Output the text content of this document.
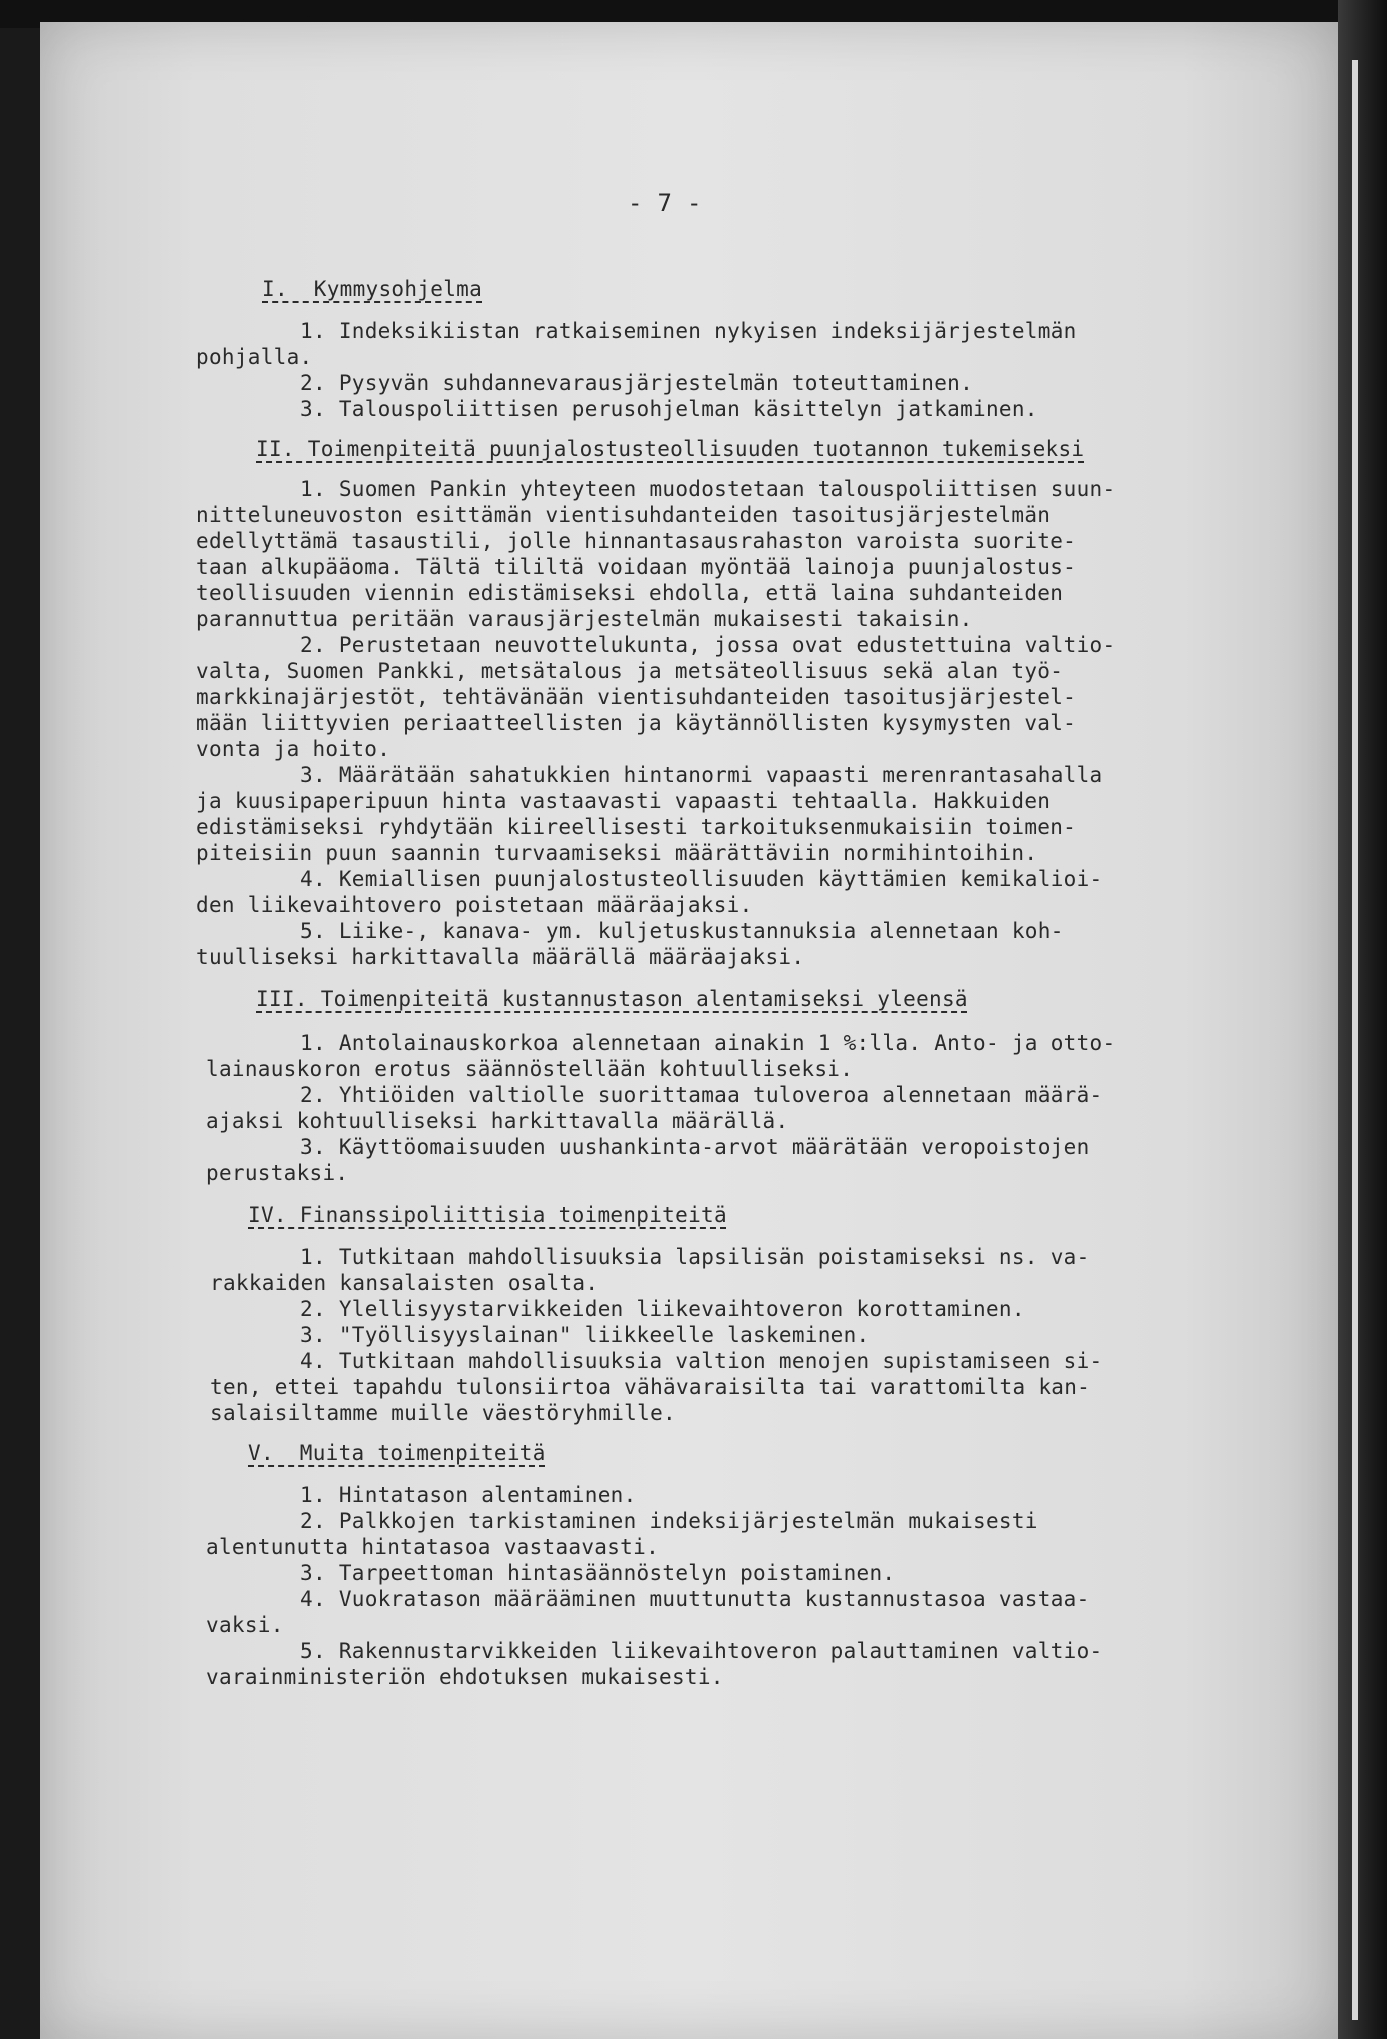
- 7 -

I.  Kymmysohjelma

1. Indeksikiistan ratkaiseminen nykyisen indeksijärjestelmän

pohjalla.

2. Pysyvän suhdannevarausjärjestelmän toteuttaminen.

3. Talouspoliittisen perusohjelman käsittelyn jatkaminen.

II. Toimenpiteitä puunjalostusteollisuuden tuotannon tukemiseksi

1. Suomen Pankin yhteyteen muodostetaan talouspoliittisen suun-

nitteluneuvoston esittämän vientisuhdanteiden tasoitusjärjestelmän

edellyttämä tasaustili, jolle hinnantasausrahaston varoista suorite-

taan alkupääoma. Tältä tililtä voidaan myöntää lainoja puunjalostus-

teollisuuden viennin edistämiseksi ehdolla, että laina suhdanteiden

parannuttua peritään varausjärjestelmän mukaisesti takaisin.

2. Perustetaan neuvottelukunta, jossa ovat edustettuina valtio-

valta, Suomen Pankki, metsätalous ja metsäteollisuus sekä alan työ-

markkinajärjestöt, tehtävänään vientisuhdanteiden tasoitusjärjestel-

mään liittyvien periaatteellisten ja käytännöllisten kysymysten val-

vonta ja hoito.

3. Määrätään sahatukkien hintanormi vapaasti merenrantasahalla

ja kuusipaperipuun hinta vastaavasti vapaasti tehtaalla. Hakkuiden

edistämiseksi ryhdytään kiireellisesti tarkoituksenmukaisiin toimen-

piteisiin puun saannin turvaamiseksi määrättäviin normihintoihin.

4. Kemiallisen puunjalostusteollisuuden käyttämien kemikalioi-

den liikevaihtovero poistetaan määräajaksi.

5. Liike-, kanava- ym. kuljetuskustannuksia alennetaan koh-

tuulliseksi harkittavalla määrällä määräajaksi.

III. Toimenpiteitä kustannustason alentamiseksi yleensä

1. Antolainauskorkoa alennetaan ainakin 1 %:lla. Anto- ja otto-

lainauskoron erotus säännöstellään kohtuulliseksi.

2. Yhtiöiden valtiolle suorittamaa tuloveroa alennetaan määrä-

ajaksi kohtuulliseksi harkittavalla määrällä.

3. Käyttöomaisuuden uushankinta-arvot määrätään veropoistojen

perustaksi.

IV. Finanssipoliittisia toimenpiteitä

1. Tutkitaan mahdollisuuksia lapsilisän poistamiseksi ns. va-

rakkaiden kansalaisten osalta.

2. Ylellisyystarvikkeiden liikevaihtoveron korottaminen.

3. "Työllisyyslainan" liikkeelle laskeminen.

4. Tutkitaan mahdollisuuksia valtion menojen supistamiseen si-

ten, ettei tapahdu tulonsiirtoa vähävaraisilta tai varattomilta kan-

salaisiltamme muille väestöryhmille.

V.  Muita toimenpiteitä

1. Hintatason alentaminen.

2. Palkkojen tarkistaminen indeksijärjestelmän mukaisesti

alentunutta hintatasoa vastaavasti.

3. Tarpeettoman hintasäännöstelyn poistaminen.

4. Vuokratason määrääminen muuttunutta kustannustasoa vastaa-

vaksi.

5. Rakennustarvikkeiden liikevaihtoveron palauttaminen valtio-

varainministeriön ehdotuksen mukaisesti.
